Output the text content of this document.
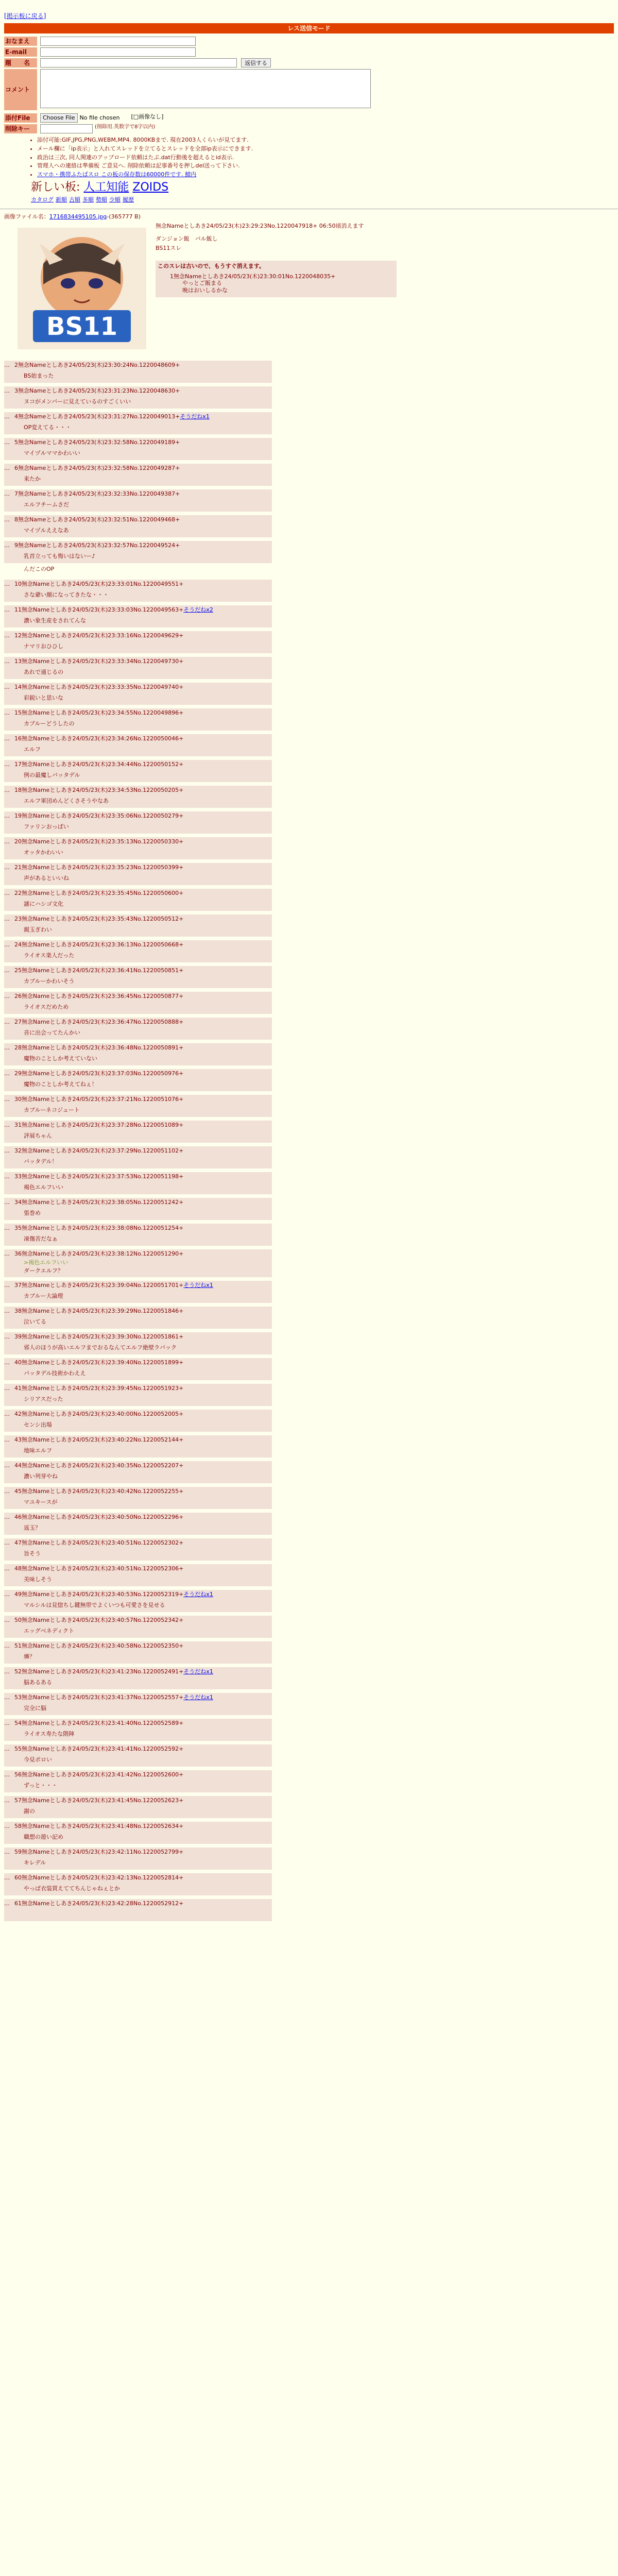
[掲示板に戻る]
レス送信モード
おなまえ
E-mail
題　　名	返信する
コメント
添付File	Choose File No file chosen [□画像なし]
削除キー	(削除用.英数字で8字以内)
• 添付可能:GIF,JPG,PNG,WEBM,MP4. 8000KBまで. 現在2003人くらいが見てます.
• メール欄に「ip表示」と入れてスレッドを立てるとスレッドを全部ip表示にできます.
• 政治は三次, 同人関連のアップロード依頼はたぷ.dat行動後を超えるとid表示.
• 管理人への連絡は準備板 ご意見へ. 削除依頼は記事番号を押しdel送って下さい.
• スマホ・携帯ふたばスロ この板の保存数は60000件です. 鯖内
新しい板: 人工知能 ZOIDS
カタログ 新順 古順 多順 勢順 少順 履歴
画像ファイル名：1716834495105.jpg-(365777 B)
BS11
無念Nameとしあき24/05/23(木)23:29:23No.1220047918+ 06:50頃消えます
ダンジョン飯　バル飯し
BS11スレ
このスレは古いので、もうすぐ消えます。
1無念Nameとしあき24/05/23(木)23:30:01No.1220048035+
やっとご飯まる
晩はおいしるかな
… 2無念Nameとしあき24/05/23(木)23:30:24No.1220048609+
BS始まった
… 3無念Nameとしあき24/05/23(木)23:31:23No.1220048630+
ヌコがメンバーに見えているのすごくいい
… 4無念Nameとしあき24/05/23(木)23:31:27No.1220049013+そうだねx1
OP変えてる・・・
… 5無念Nameとしあき24/05/23(木)23:32:58No.1220049189+
マイヅルママかわいい
… 6無念Nameとしあき24/05/23(木)23:32:58No.1220049287+
来たか
… 7無念Nameとしあき24/05/23(木)23:32:33No.1220049387+
エルフチームさだ
… 8無念Nameとしあき24/05/23(木)23:32:51No.1220049468+
マイヅルええなあ
… 9無念Nameとしあき24/05/23(木)23:32:57No.1220049524+
乳首立っても悔いはないー♪
んだこのOP
… 10無念Nameとしあき24/05/23(木)23:33:01No.1220049551+
さな爺い顔になってきたな・・・
… 11無念Nameとしあき24/05/23(木)23:33:03No.1220049563+そうだねx2
濃い象生産をされてんな
… 12無念Nameとしあき24/05/23(木)23:33:16No.1220049629+
ナマリおひひし
… 13無念Nameとしあき24/05/23(木)23:33:34No.1220049730+
あれで通じるの
… 14無念Nameとしあき24/05/23(木)23:33:35No.1220049740+
彩鋭いと思いな
… 15無念Nameとしあき24/05/23(木)23:34:55No.1220049896+
カブルーどうしたの
… 16無念Nameとしあき24/05/23(木)23:34:26No.1220050046+
エルフ
… 17無念Nameとしあき24/05/23(木)23:34:44No.1220050152+
例の最魔しバッタデル
… 18無念Nameとしあき24/05/23(木)23:34:53No.1220050205+
エルフ軍団めんどくさそうやなあ
… 19無念Nameとしあき24/05/23(木)23:35:06No.1220050279+
ファリンおっぱい
… 20無念Nameとしあき24/05/23(木)23:35:13No.1220050330+
オッタかわいい
… 21無念Nameとしあき24/05/23(木)23:35:23No.1220050399+
声があるといいね
… 22無念Nameとしあき24/05/23(木)23:35:45No.1220050600+
謎にハシゴ文化
… 23無念Nameとしあき24/05/23(木)23:35:43No.1220050512+
親玉ぎわい
… 24無念Nameとしあき24/05/23(木)23:36:13No.1220050668+
ライオス楽人だった
… 25無念Nameとしあき24/05/23(木)23:36:41No.1220050851+
カブルーかわいそう
… 26無念Nameとしあき24/05/23(木)23:36:45No.1220050877+
ライオスだめため
… 27無念Nameとしあき24/05/23(木)23:36:47No.1220050888+
音に出会ってたんかい
… 28無念Nameとしあき24/05/23(木)23:36:48No.1220050891+
魔物のことしか考えていない
… 29無念Nameとしあき24/05/23(木)23:37:03No.1220050976+
魔物のことしか考えてねぇ！
… 30無念Nameとしあき24/05/23(木)23:37:21No.1220051076+
カブルーネコジュート
… 31無念Nameとしあき24/05/23(木)23:37:28No.1220051089+
評展ちゃん
… 32無念Nameとしあき24/05/23(木)23:37:29No.1220051102+
バッタデル！
… 33無念Nameとしあき24/05/23(木)23:37:53No.1220051198+
褐色エルフいい
… 34無念Nameとしあき24/05/23(木)23:38:05No.1220051242+
張巻め
… 35無念Nameとしあき24/05/23(木)23:38:08No.1220051254+
凍傷苦だなぁ
… 36無念Nameとしあき24/05/23(木)23:38:12No.1220051290+
>褐色エルフいい
ダークエルフ？
… 37無念Nameとしあき24/05/23(木)23:39:04No.1220051701+そうだねx1
カブルー大論理
… 38無念Nameとしあき24/05/23(木)23:39:29No.1220051846+
泣いてる
… 39無念Nameとしあき24/05/23(木)23:39:30No.1220051861+
邪人のほうが高いエルフまでおるなんてエルフ絶壁ラバック
… 40無念Nameとしあき24/05/23(木)23:39:40No.1220051899+
バッタデル技術かわええ
… 41無念Nameとしあき24/05/23(木)23:39:45No.1220051923+
シリアスだった
… 42無念Nameとしあき24/05/23(木)23:40:00No.1220052005+
センシ出場
… 43無念Nameとしあき24/05/23(木)23:40:22No.1220052144+
地味エルフ
… 44無念Nameとしあき24/05/23(木)23:40:35No.1220052207+
濃い列芽やね
… 45無念Nameとしあき24/05/23(木)23:40:42No.1220052255+
マユキースが
… 46無念Nameとしあき24/05/23(木)23:40:50No.1220052296+
返玉？
… 47無念Nameとしあき24/05/23(木)23:40:51No.1220052302+
旨そう
… 48無念Nameとしあき24/05/23(木)23:40:51No.1220052306+
美味しそう
… 49無念Nameとしあき24/05/23(木)23:40:53No.1220052319+そうだねx1
マルシルは見惚ちし鍵無帯でよくいつも可愛さを見せる
… 50無念Nameとしあき24/05/23(木)23:40:57No.1220052342+
エッグベネディクト
… 51無念Nameとしあき24/05/23(木)23:40:58No.1220052350+
燐？
… 52無念Nameとしあき24/05/23(木)23:41:23No.1220052491+そうだねx1
脳あるある
… 53無念Nameとしあき24/05/23(木)23:41:37No.1220052557+そうだねx1
完全に脳
… 54無念Nameとしあき24/05/23(木)23:41:40No.1220052589+
ライオス寿たな階陣
… 55無念Nameとしあき24/05/23(木)23:41:41No.1220052592+
今見ポロい
… 56無念Nameとしあき24/05/23(木)23:41:42No.1220052600+
ずっと・・・
… 57無念Nameとしあき24/05/23(木)23:41:45No.1220052623+
謝の
… 58無念Nameとしあき24/05/23(木)23:41:48No.1220052634+
職想の遊い記め
… 59無念Nameとしあき24/05/23(木)23:42:11No.1220052799+
キレデル
… 60無念Nameとしあき24/05/23(木)23:42:13No.1220052814+
やっぱ衣装買えててちんじゃねぇとか
… 61無念Nameとしあき24/05/23(木)23:42:28No.1220052912+
